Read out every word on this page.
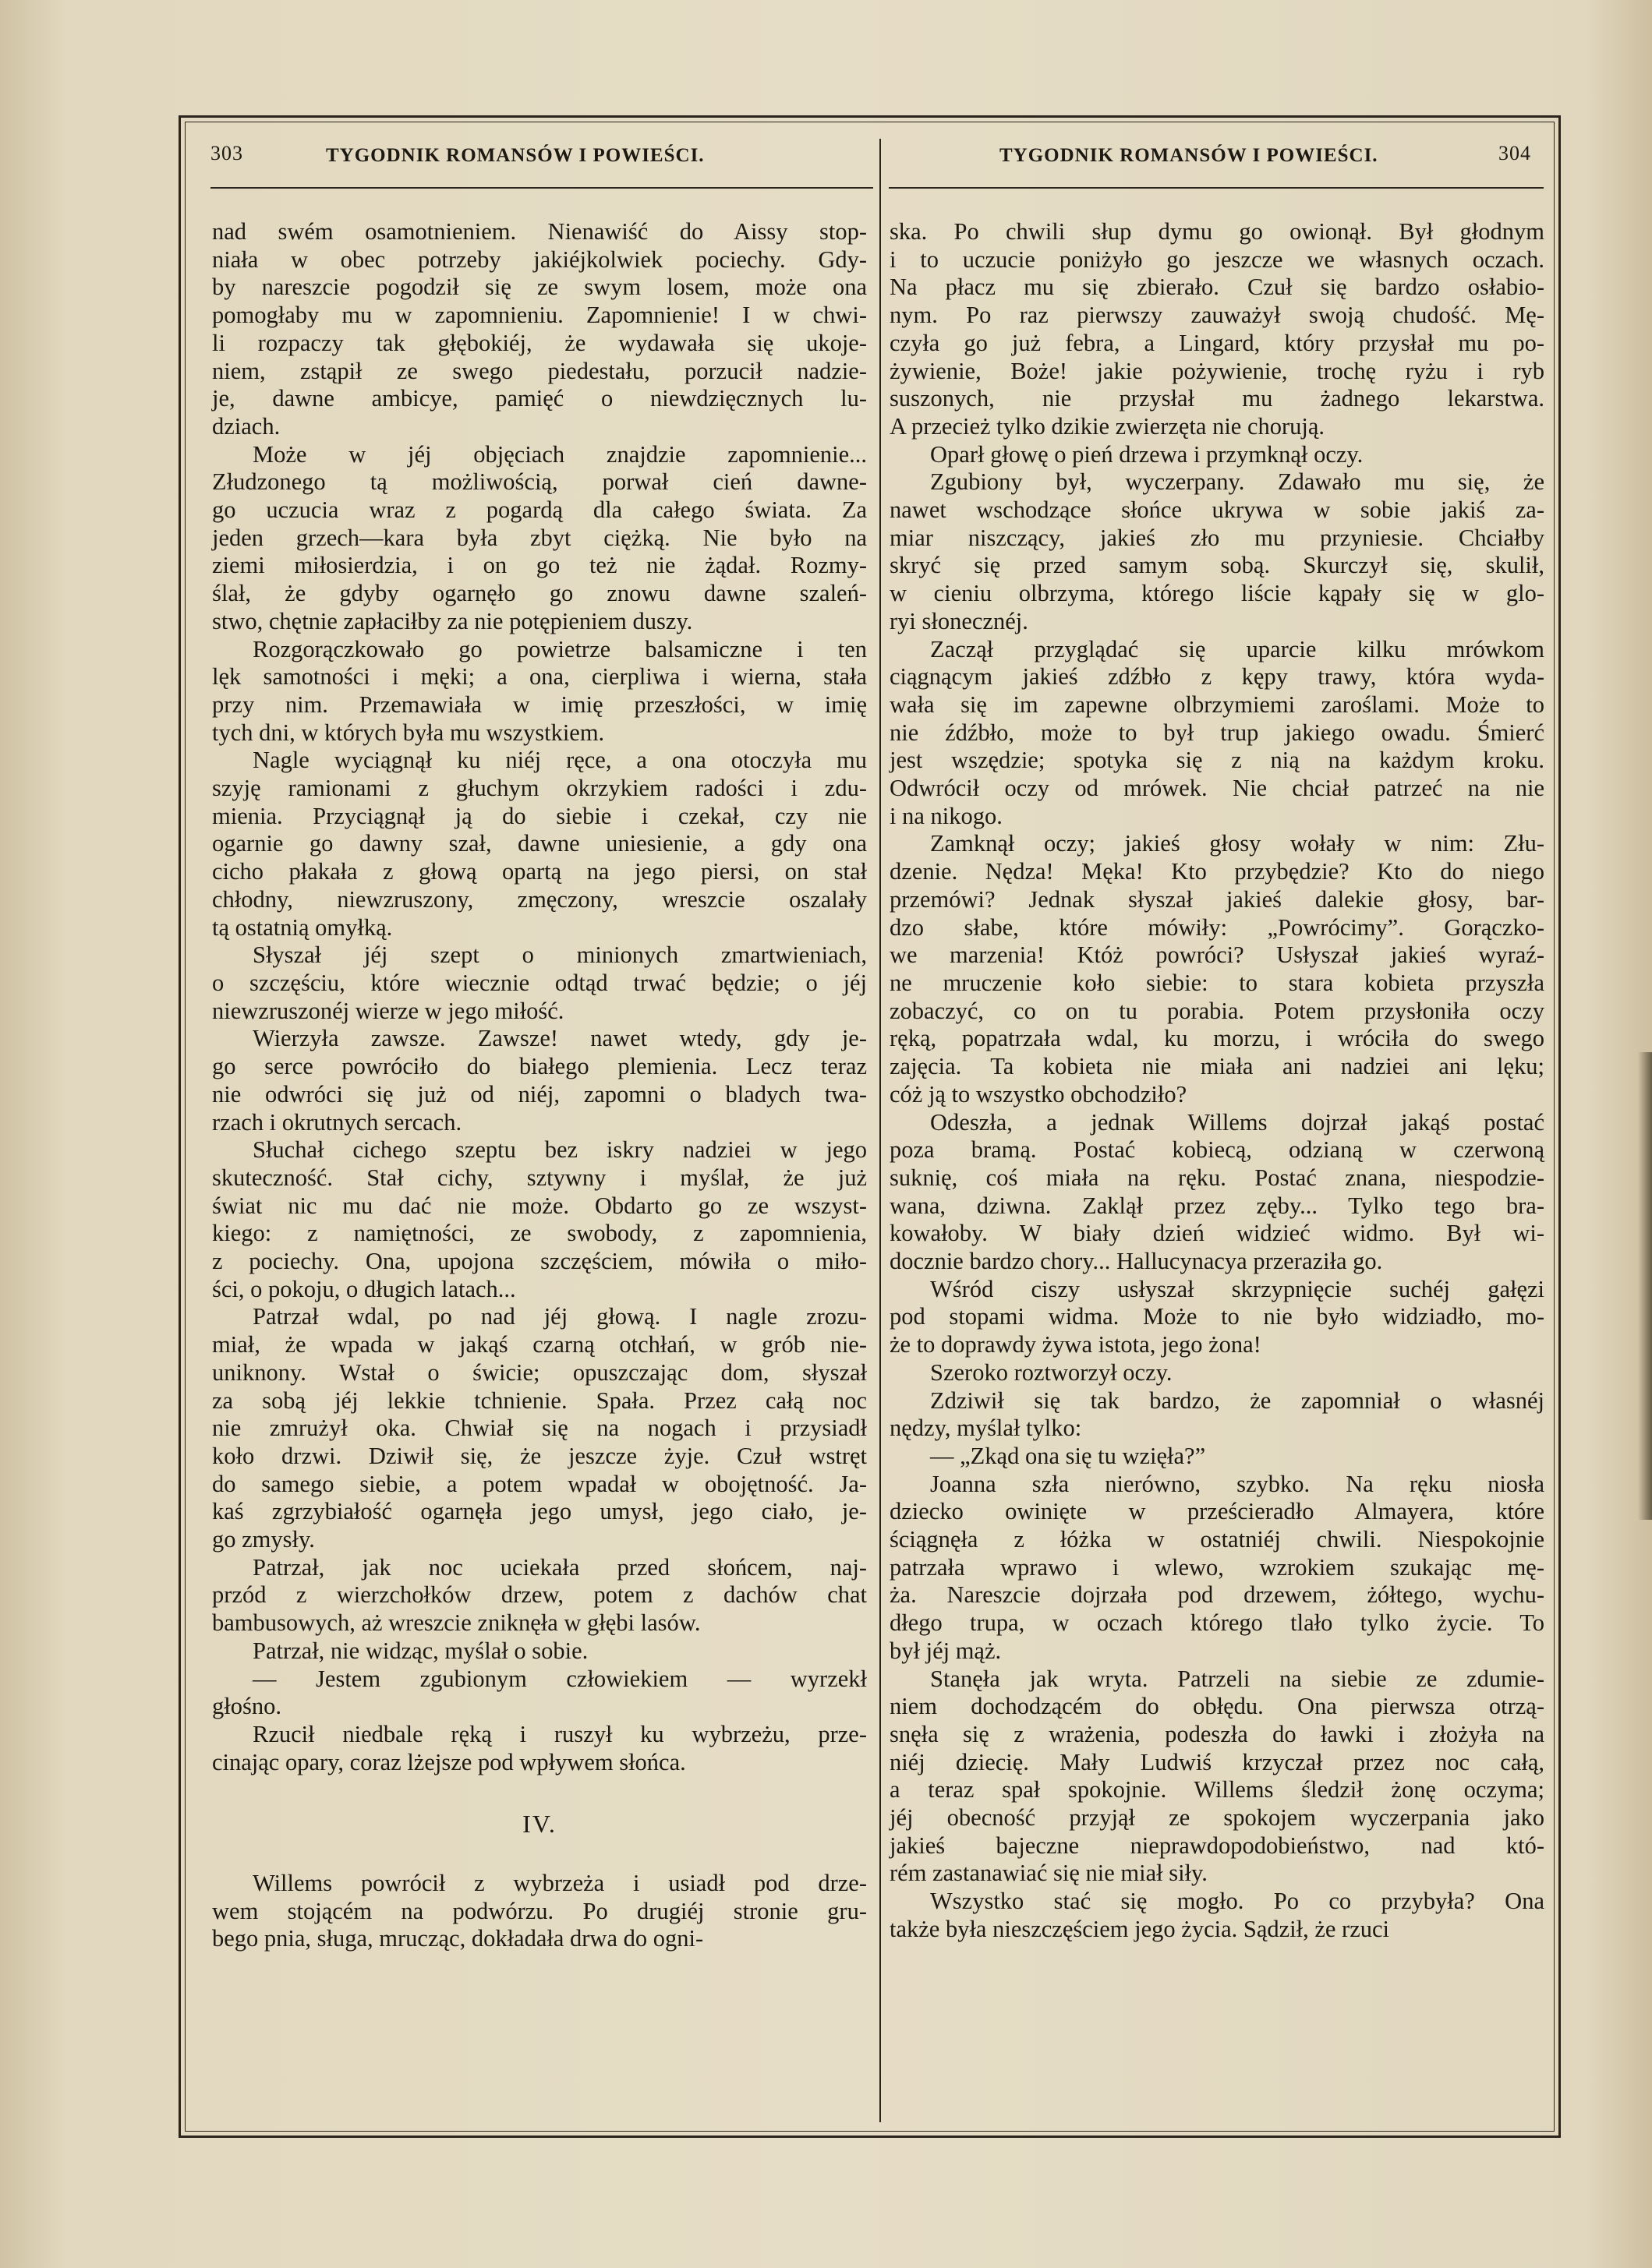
303	TYGODNIK ROMANSÓW I POWIEŚCI.	TYGODNIK ROMANSÓW I POWIEŚCI.	304

nad swém osamotnieniem. Nienawiść do Aissy stop-
niała w obec potrzeby jakiéjkolwiek pociechy. Gdy-
by nareszcie pogodził się ze swym losem, może ona
pomogłaby mu w zapomnieniu. Zapomnienie! I w chwi-
li rozpaczy tak głębokiéj, że wydawała się ukoje-
niem, zstąpił ze swego piedestału, porzucił nadzie-
je, dawne ambicye, pamięć o niewdzięcznych lu-
dziach.

Może w jéj objęciach znajdzie zapomnienie...
Złudzonego tą możliwością, porwał cień dawne-
go uczucia wraz z pogardą dla całego świata. Za
jeden grzech—kara była zbyt ciężką. Nie było na
ziemi miłosierdzia, i on go też nie żądał. Rozmy-
ślał, że gdyby ogarnęło go znowu dawne szaleń-
stwo, chętnie zapłaciłby za nie potępieniem duszy.

Rozgorączkowało go powietrze balsamiczne i ten
lęk samotności i męki; a ona, cierpliwa i wierna, stała
przy nim. Przemawiała w imię przeszłości, w imię
tych dni, w których była mu wszystkiem.

Nagle wyciągnął ku niéj ręce, a ona otoczyła mu
szyję ramionami z głuchym okrzykiem radości i zdu-
mienia. Przyciągnął ją do siebie i czekał, czy nie
ogarnie go dawny szał, dawne uniesienie, a gdy ona
cicho płakała z głową opartą na jego piersi, on stał
chłodny, niewzruszony, zmęczony, wreszcie oszalały
tą ostatnią omyłką.

Słyszał jéj szept o minionych zmartwieniach,
o szczęściu, które wiecznie odtąd trwać będzie; o jéj
niewzruszonéj wierze w jego miłość.

Wierzyła zawsze. Zawsze! nawet wtedy, gdy je-
go serce powróciło do białego plemienia. Lecz teraz
nie odwróci się już od niéj, zapomni o bladych twa-
rzach i okrutnych sercach.

Słuchał cichego szeptu bez iskry nadziei w jego
skuteczność. Stał cichy, sztywny i myślał, że już
świat nic mu dać nie może. Obdarto go ze wszyst-
kiego: z namiętności, ze swobody, z zapomnienia,
z pociechy. Ona, upojona szczęściem, mówiła o miło-
ści, o pokoju, o długich latach...

Patrzał wdal, po nad jéj głową. I nagle zrozu-
miał, że wpada w jakąś czarną otchłań, w grób nie-
uniknony. Wstał o świcie; opuszczając dom, słyszał
za sobą jéj lekkie tchnienie. Spała. Przez całą noc
nie zmrużył oka. Chwiał się na nogach i przysiadł
koło drzwi. Dziwił się, że jeszcze żyje. Czuł wstręt
do samego siebie, a potem wpadał w obojętność. Ja-
kaś zgrzybiałość ogarnęła jego umysł, jego ciało, je-
go zmysły.

Patrzał, jak noc uciekała przed słońcem, naj-
przód z wierzchołków drzew, potem z dachów chat
bambusowych, aż wreszcie zniknęła w głębi lasów.

Patrzał, nie widząc, myślał o sobie.

— Jestem zgubionym człowiekiem — wyrzekł
głośno.

Rzucił niedbale ręką i ruszył ku wybrzeżu, prze-
cinając opary, coraz lżejsze pod wpływem słońca.

IV.

Willems powrócił z wybrzeża i usiadł pod drze-
wem stojącém na podwórzu. Po drugiéj stronie gru-
bego pnia, sługa, mrucząc, dokładała drwa do ogni-

ska. Po chwili słup dymu go owionął. Był głodnym
i to uczucie poniżyło go jeszcze we własnych oczach.
Na płacz mu się zbierało. Czuł się bardzo osłabio-
nym. Po raz pierwszy zauważył swoją chudość. Mę-
czyła go już febra, a Lingard, który przysłał mu po-
żywienie, Boże! jakie pożywienie, trochę ryżu i ryb
suszonych, nie przysłał mu żadnego lekarstwa.
A przecież tylko dzikie zwierzęta nie chorują.

Oparł głowę o pień drzewa i przymknął oczy.

Zgubiony był, wyczerpany. Zdawało mu się, że
nawet wschodzące słońce ukrywa w sobie jakiś za-
miar niszczący, jakieś zło mu przyniesie. Chciałby
skryć się przed samym sobą. Skurczył się, skulił,
w cieniu olbrzyma, którego liście kąpały się w glo-
ryi słonecznéj.

Zaczął przyglądać się uparcie kilku mrówkom
ciągnącym jakieś zdźbło z kępy trawy, która wyda-
wała się im zapewne olbrzymiemi zaroślami. Może to
nie źdźbło, może to był trup jakiego owadu. Śmierć
jest wszędzie; spotyka się z nią na każdym kroku.
Odwrócił oczy od mrówek. Nie chciał patrzeć na nie
i na nikogo.

Zamknął oczy; jakieś głosy wołały w nim: Złu-
dzenie. Nędza! Męka! Kto przybędzie? Kto do niego
przemówi? Jednak słyszał jakieś dalekie głosy, bar-
dzo słabe, które mówiły: „Powrócimy”. Gorączko-
we marzenia! Któż powróci? Usłyszał jakieś wyraź-
ne mruczenie koło siebie: to stara kobieta przyszła
zobaczyć, co on tu porabia. Potem przysłoniła oczy
ręką, popatrzała wdal, ku morzu, i wróciła do swego
zajęcia. Ta kobieta nie miała ani nadziei ani lęku;
cóż ją to wszystko obchodziło?

Odeszła, a jednak Willems dojrzał jakąś postać
poza bramą. Postać kobiecą, odzianą w czerwoną
suknię, coś miała na ręku. Postać znana, niespodzie-
wana, dziwna. Zaklął przez zęby... Tylko tego bra-
kowałoby. W biały dzień widzieć widmo. Był wi-
docznie bardzo chory... Hallucynacya przeraziła go.

Wśród ciszy usłyszał skrzypnięcie suchéj gałęzi
pod stopami widma. Może to nie było widziadło, mo-
że to doprawdy żywa istota, jego żona!

Szeroko roztworzył oczy.

Zdziwił się tak bardzo, że zapomniał o własnéj
nędzy, myślał tylko:

— „Zkąd ona się tu wzięła?”

Joanna szła nierówno, szybko. Na ręku niosła
dziecko owinięte w prześcieradło Almayera, które
ściągnęła z łóżka w ostatniéj chwili. Niespokojnie
patrzała wprawo i wlewo, wzrokiem szukając mę-
ża. Nareszcie dojrzała pod drzewem, żółtego, wychu-
dłego trupa, w oczach którego tlało tylko życie. To
był jéj mąż.

Stanęła jak wryta. Patrzeli na siebie ze zdumie-
niem dochodzącém do obłędu. Ona pierwsza otrzą-
snęła się z wrażenia, podeszła do ławki i złożyła na
niéj dziecię. Mały Ludwiś krzyczał przez noc całą,
a teraz spał spokojnie. Willems śledził żonę oczyma;
jéj obecność przyjął ze spokojem wyczerpania jako
jakieś bajeczne nieprawdopodobieństwo, nad któ-
rém zastanawiać się nie miał siły.

Wszystko stać się mogło. Po co przybyła? Ona
także była nieszczęściem jego życia. Sądził, że rzuci
